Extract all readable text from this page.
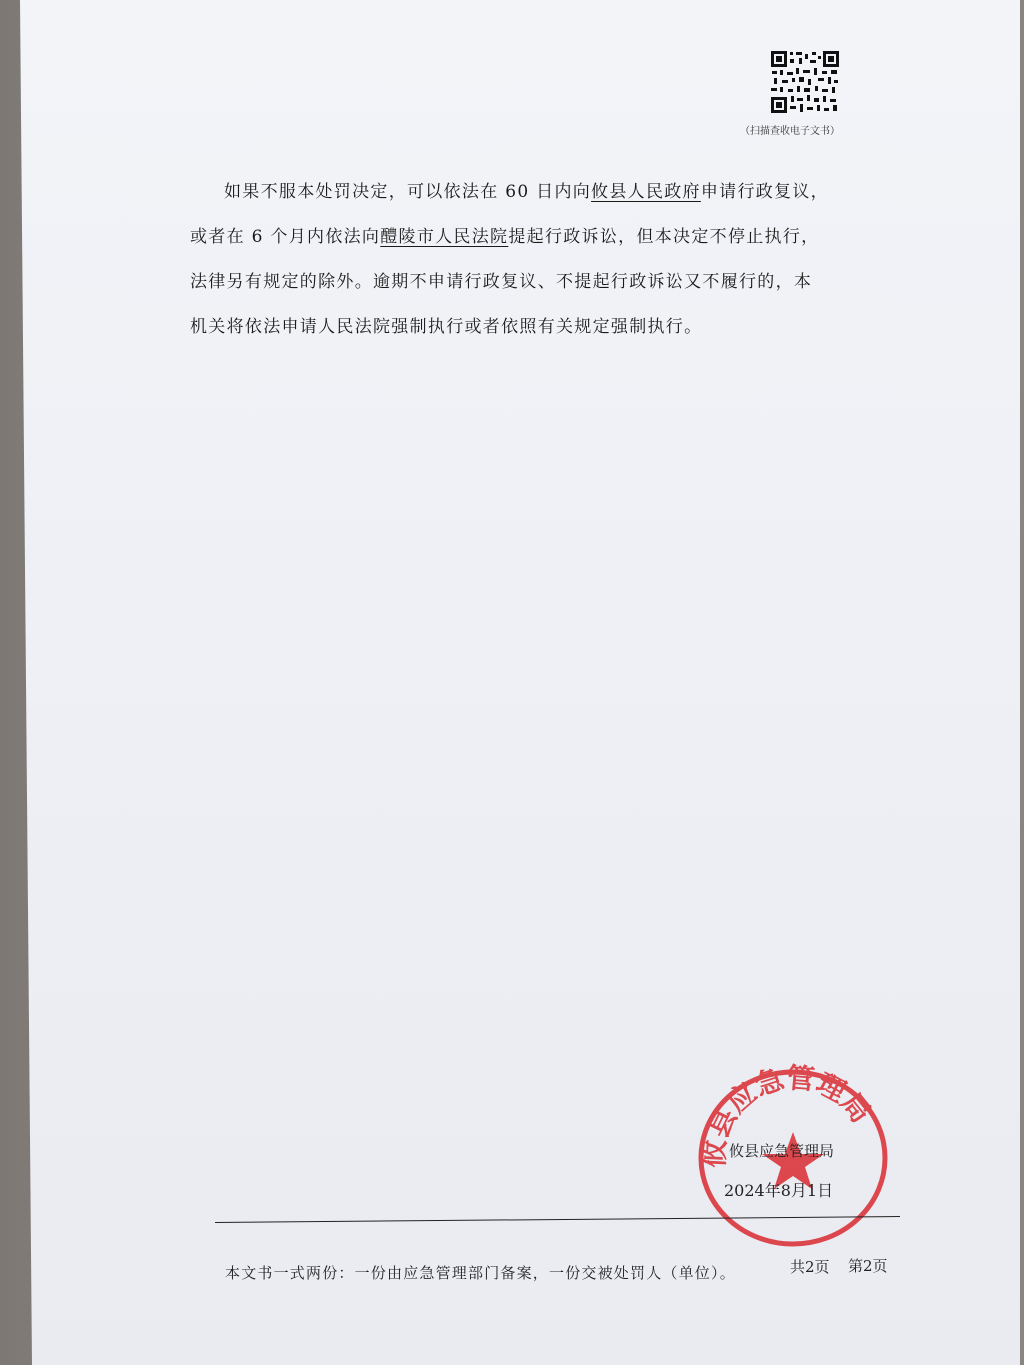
（扫描查收电子文书）
如果不服本处罚决定，可以依法在 60 日内向攸县人民政府申请行政复议，
或者在 6 个月内依法向醴陵市人民法院提起行政诉讼，但本决定不停止执行，
法律另有规定的除外。逾期不申请行政复议、不提起行政诉讼又不履行的，本
机关将依法申请人民法院强制执行或者依照有关规定强制执行。
攸县应急管理局
攸县应急管理局
2024年8月1日
本文书一式两份：一份由应急管理部门备案，一份交被处罚人（单位）。	共2页 第2页
